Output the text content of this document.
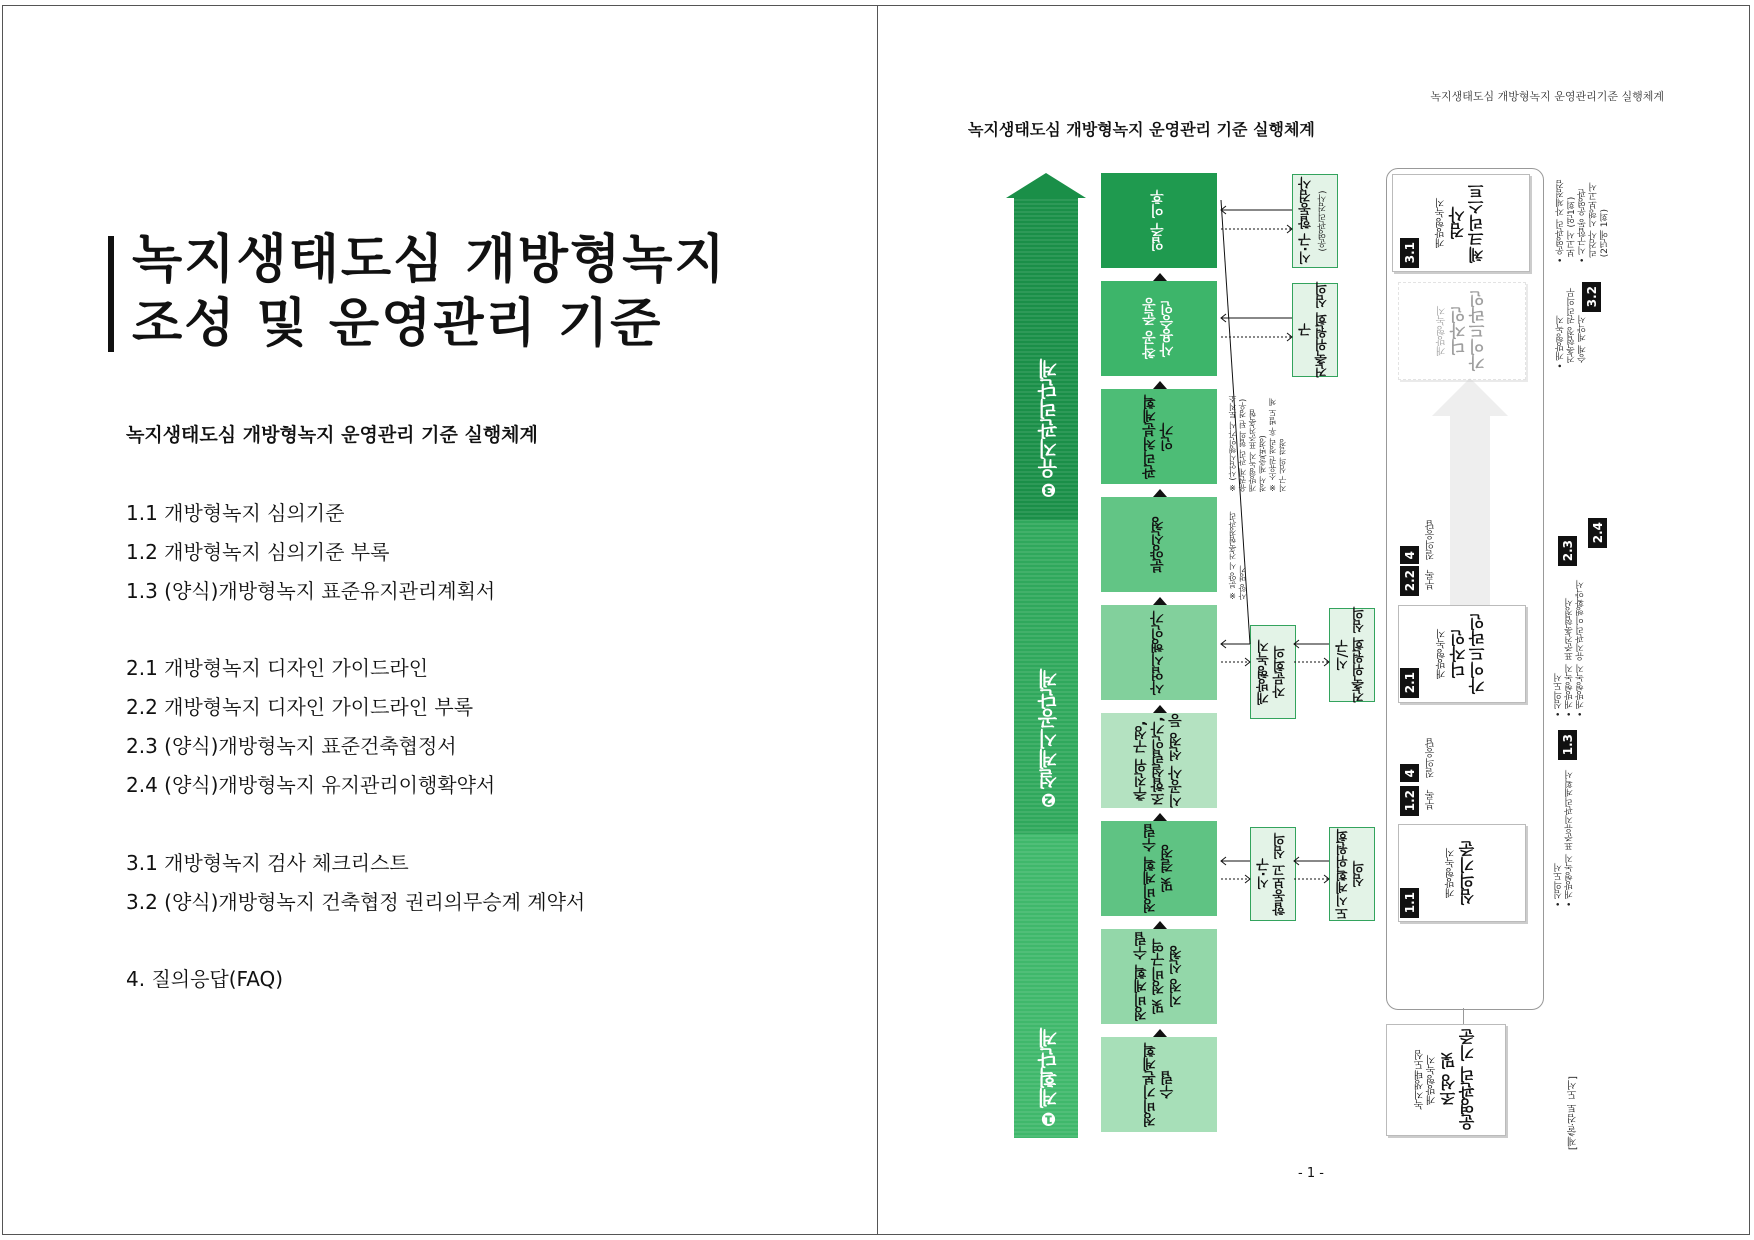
녹지생태도심 개방형녹지
조성 및 운영관리 기준
녹지생태도심 개방형녹지 운영관리 기준 실행체계
1.1 개방형녹지 심의기준
1.2 개방형녹지 심의기준 부록
1.3 (양식)개방형녹지 표준유지관리계획서
2.1 개방형녹지 디자인 가이드라인
2.2 개방형녹지 디자인 가이드라인 부록
2.3 (양식)개방형녹지 표준건축협정서
2.4 (양식)개방형녹지 유지관리이행확약서
3.1 개방형녹지 검사 체크리스트
3.2 (양식)개방형녹지 건축협정 권리의무승계 계약서
4. 질의응답(FAQ)
녹지생태도심 개방형녹지 운영관리기준 실행체계
녹지생태도심 개방형녹지 운영관리 기준 실행체계
❶
계획단계
❷
설계시공단계
❸
유지관리단계
입주 이후
착공 준공
사용승인
관리처분계획
인가
분양신청
사업시행인가
추진위 구성,
조합설립인가,
시공사 선정 등
정비계획 수립
및 결정
정비계획 수립
및 정비구역
지정 신청
정비기본계획
수립
시·구 합동검사 (운영관리검사)
구
건축위원회 심의
개방형녹지
자문회의	시/구
건축위원회 심의
시·구
합동보고 심의	도시계획위원회
심의
※ (사업시행인가시 토지소
유권계 관리 협의 된 경우)
개방형녹지 표준건축협
정서 제출(변경)
※ 소유권 정리 후 별도 체
지구 심의 결정
※ 분양 시 건축협정관리
사항 명기
개방형녹지 검사
체크리스트
개방형녹지 디자인
가이드라인
개방형녹지 디자인
가이드라인
개방형녹지 심의기준
녹지생태도심
개방형녹지 조성 및
운영관리 기준
3.1
3.2
2.2
4	2.3
2.4
2.1
1.2
4
1.3
1.1
부록
질의응답
부록
질의응답
[제출·검토 도서]
• 운영관리 자체점검
보고서 (연1회)
• 시구합동 운영관
리검사 시행보고서
(2년에 1회)
• 개방형녹지
건축협정 권리의무
승계 계약서
• 심의도서
• 개방형녹지 표준건축협정서
• 개방형녹지 유지관리이행확약서
• 심의도서
• 개방형녹지 표준유지관리계획서
- 1 -
